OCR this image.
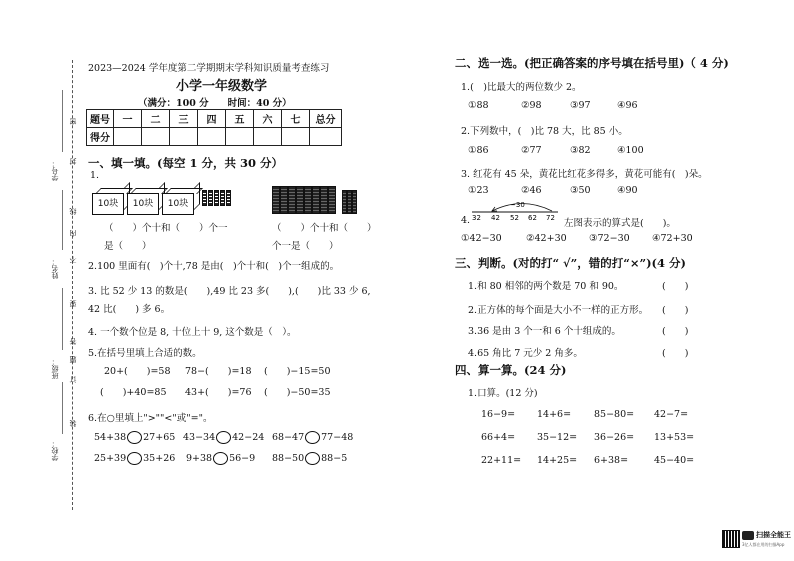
学号：
姓名：
班级：
学校：
密
封
线
内
不
要
答
题
订
装
2023—2024 学年度第二学期期末学科知识质量考查练习
小学一年级数学
（满分：100 分　　时间：40 分）
题号	一	二	三	四	五	六	七	总分
得分								
一、填一填。(每空 1 分，共 30 分）
1.
10块	10块	10块
（　　）个十和（　　）个一
是（　　）
（　　）个十和（　　）
个一是（　　）
2.100 里面有(　)个十,78 是由(　)个十和(　)个一组成的。
3. 比 52 少 13 的数是(　　),49 比 23 多(　　),(　　)比 33 少 6,
42 比(　　) 多 6。
4. 一个数个位是 8, 十位上十 9, 这个数是（　）。
5.在括号里填上合适的数。
20+(　　)=58 78−(　　)=18 (　　)−15=50
(　　)+40=85 43+(　　)=76 (　　)−50=35
6.在○里填上">""<"或"="。
54+38 27+65 43−34 42−24 68−47 77−48
25+39 35+26 9+38 56−9 88−50 88−5
二、选一选。(把正确答案的序号填在括号里)（ 4 分)
1.(　)比最大的两位数少 2。
①88	②98	③97	④96
2.下列数中，(　)比 78 大，比 85 小。
①86	②77	③82	④100
3. 红花有 45 朵，黄花比红花多得多，黄花可能有(　)朵。
①23	②46	③50	④90
4.
−30
32 42 52 62 72 左图表示的算式是(　　)。
①42−30	②42+30 ③72−30 ④72+30
三、判断。(对的打“ √”，错的打“×”)(4 分)
1.和 80 相邻的两个数是 70 和 90。	(　　)
2.正方体的每个面是大小不一样的正方形。 (　　)
3.36 是由 3 个一和 6 个十组成的。	(　　)
4.65 角比 7 元少 2 角多。	(　　)
四、算一算。(24 分)
1.口算。(12 分)
16−9= 14+6= 85−80= 42−7=
66+4= 35−12= 36−26= 13+53=
22+11= 14+25= 6+38=	45−40=
扫描全能王
3亿人都在用的扫描App
